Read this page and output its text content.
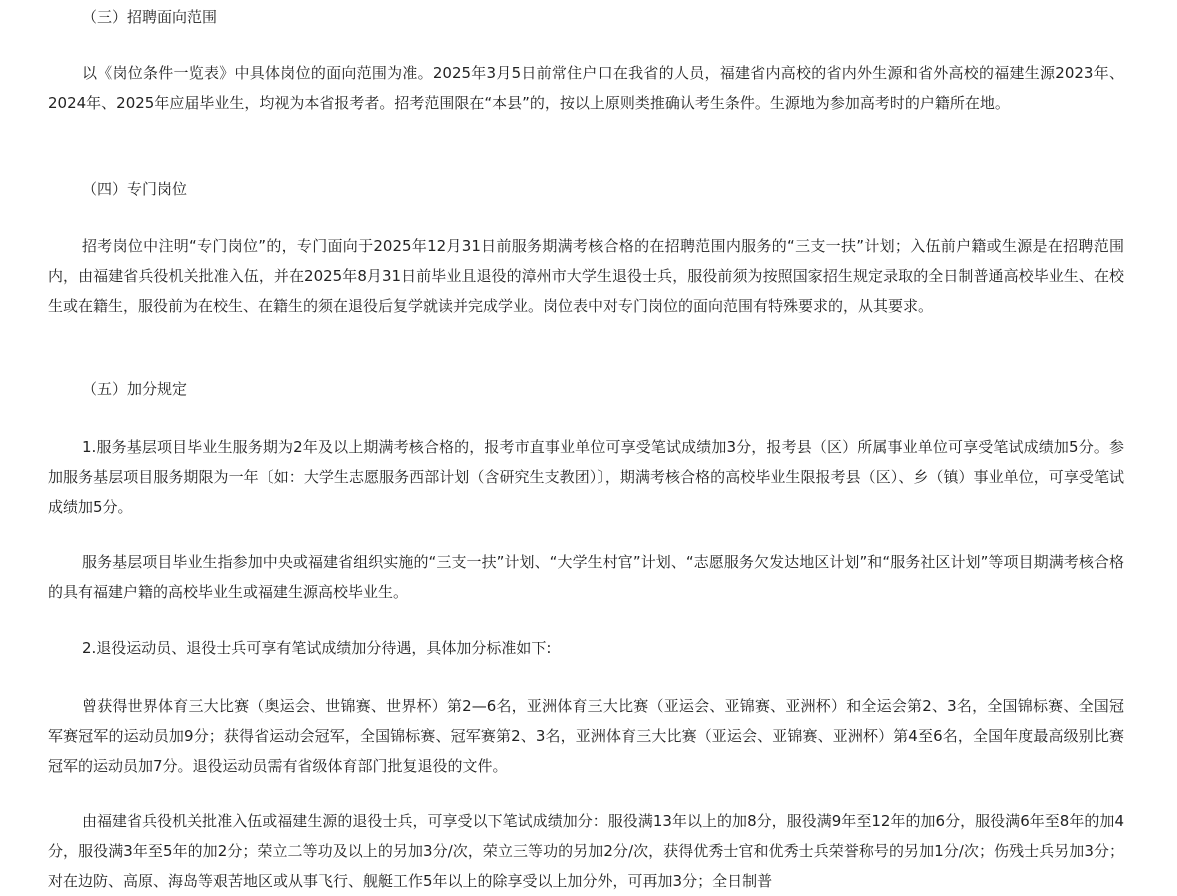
（三）招聘面向范围

以《岗位条件一览表》中具体岗位的面向范围为准。2025年3月5日前常住户口在我省的人员，福建省内高校的省内外生源和省外高校的福建生源2023年、2024年、2025年应届毕业生，均视为本省报考者。招考范围限在“本县”的，按以上原则类推确认考生条件。生源地为参加高考时的户籍所在地。

（四）专门岗位

招考岗位中注明“专门岗位”的，专门面向于2025年12月31日前服务期满考核合格的在招聘范围内服务的“三支一扶”计划；入伍前户籍或生源是在招聘范围内，由福建省兵役机关批准入伍，并在2025年8月31日前毕业且退役的漳州市大学生退役士兵，服役前须为按照国家招生规定录取的全日制普通高校毕业生、在校生或在籍生，服役前为在校生、在籍生的须在退役后复学就读并完成学业。岗位表中对专门岗位的面向范围有特殊要求的，从其要求。

（五）加分规定

1.服务基层项目毕业生服务期为2年及以上期满考核合格的，报考市直事业单位可享受笔试成绩加3分，报考县（区）所属事业单位可享受笔试成绩加5分。参加服务基层项目服务期限为一年〔如：大学生志愿服务西部计划（含研究生支教团）〕，期满考核合格的高校毕业生限报考县（区）、乡（镇）事业单位，可享受笔试成绩加5分。

服务基层项目毕业生指参加中央或福建省组织实施的“三支一扶”计划、“大学生村官”计划、“志愿服务欠发达地区计划”和“服务社区计划”等项目期满考核合格的具有福建户籍的高校毕业生或福建生源高校毕业生。

2.退役运动员、退役士兵可享有笔试成绩加分待遇，具体加分标准如下:

曾获得世界体育三大比赛（奥运会、世锦赛、世界杯）第2—6名，亚洲体育三大比赛（亚运会、亚锦赛、亚洲杯）和全运会第2、3名，全国锦标赛、全国冠军赛冠军的运动员加9分；获得省运动会冠军，全国锦标赛、冠军赛第2、3名，亚洲体育三大比赛（亚运会、亚锦赛、亚洲杯）第4至6名，全国年度最高级别比赛冠军的运动员加7分。退役运动员需有省级体育部门批复退役的文件。

由福建省兵役机关批准入伍或福建生源的退役士兵，可享受以下笔试成绩加分：服役满13年以上的加8分，服役满9年至12年的加6分，服役满6年至8年的加4分，服役满3年至5年的加2分；荣立二等功及以上的另加3分/次，荣立三等功的另加2分/次，获得优秀士官和优秀士兵荣誉称号的另加1分/次；伤残士兵另加3分；对在边防、高原、海岛等艰苦地区或从事飞行、舰艇工作5年以上的除享受以上加分外，可再加3分；全日制普
